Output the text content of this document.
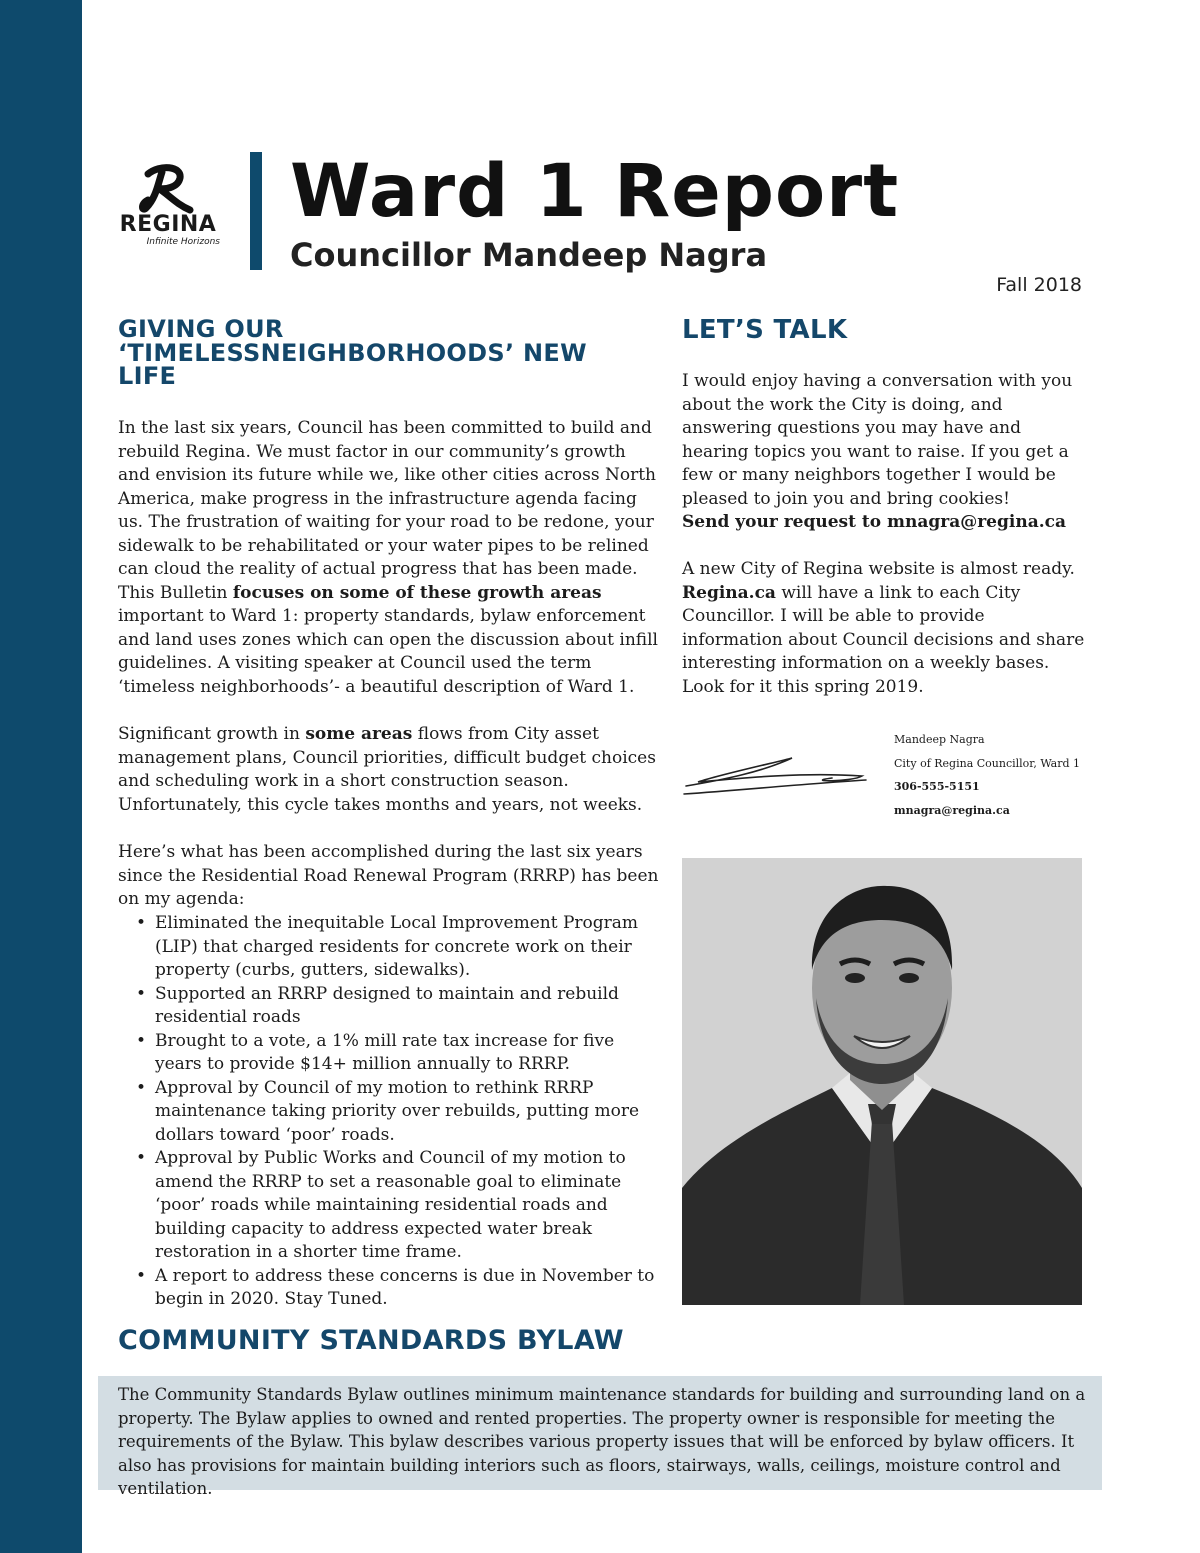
REGINA
Infinite Horizons
Ward 1 Report
Councillor Mandeep Nagra
Fall 2018
GIVING OUR ‘TIMELESSNEIGHBORHOODS’ NEW LIFE

In the last six years, Council has been committed to build and rebuild Regina. We must factor in our community’s growth and envision its future while we, like other cities across North America, make progress in the infrastructure agenda facing us. The frustration of waiting for your road to be redone, your sidewalk to be rehabilitated or your water pipes to be relined can cloud the reality of actual progress that has been made. This Bulletin focuses on some of these growth areas important to Ward 1: property standards, bylaw enforcement and land uses zones which can open the discussion about infill guidelines. A visiting speaker at Council used the term ‘timeless neighborhoods’- a beautiful description of Ward 1.

Significant growth in some areas flows from City asset management plans, Council priorities, difficult budget choices and scheduling work in a short construction season. Unfortunately, this cycle takes months and years, not weeks.

Here’s what has been accomplished during the last six years since the Residential Road Renewal Program (RRRP) has been on my agenda:

• Eliminated the inequitable Local Improvement Program (LIP) that charged residents for concrete work on their property (curbs, gutters, sidewalks).
• Supported an RRRP designed to maintain and rebuild residential roads
• Brought to a vote, a 1% mill rate tax increase for five years to provide $14+ million annually to RRRP.
• Approval by Council of my motion to rethink RRRP maintenance taking priority over rebuilds, putting more dollars toward ‘poor’ roads.
• Approval by Public Works and Council of my motion to amend the RRRP to set a reasonable goal to eliminate ‘poor’ roads while maintaining residential roads and building capacity to address expected water break restoration in a shorter time frame.
• A report to address these concerns is due in November to begin in 2020. Stay Tuned.
LET’S TALK

I would enjoy having a conversation with you about the work the City is doing, and answering questions you may have and hearing topics you want to raise. If you get a few or many neighbors together I would be pleased to join you and bring cookies!
Send your request to mnagra@regina.ca

A new City of Regina website is almost ready. Regina.ca will have a link to each City Councillor. I will be able to provide information about Council decisions and share interesting information on a weekly bases. Look for it this spring 2019.

Mandeep Nagra
City of Regina Councillor, Ward 1
306-555-5151
mnagra@regina.ca
COMMUNITY STANDARDS BYLAW

The Community Standards Bylaw outlines minimum maintenance standards for building and surrounding land on a property. The Bylaw applies to owned and rented properties. The property owner is responsible for meeting the requirements of the Bylaw. This bylaw describes various property issues that will be enforced by bylaw officers. It also has provisions for maintain building interiors such as floors, stairways, walls, ceilings, moisture control and ventilation.
